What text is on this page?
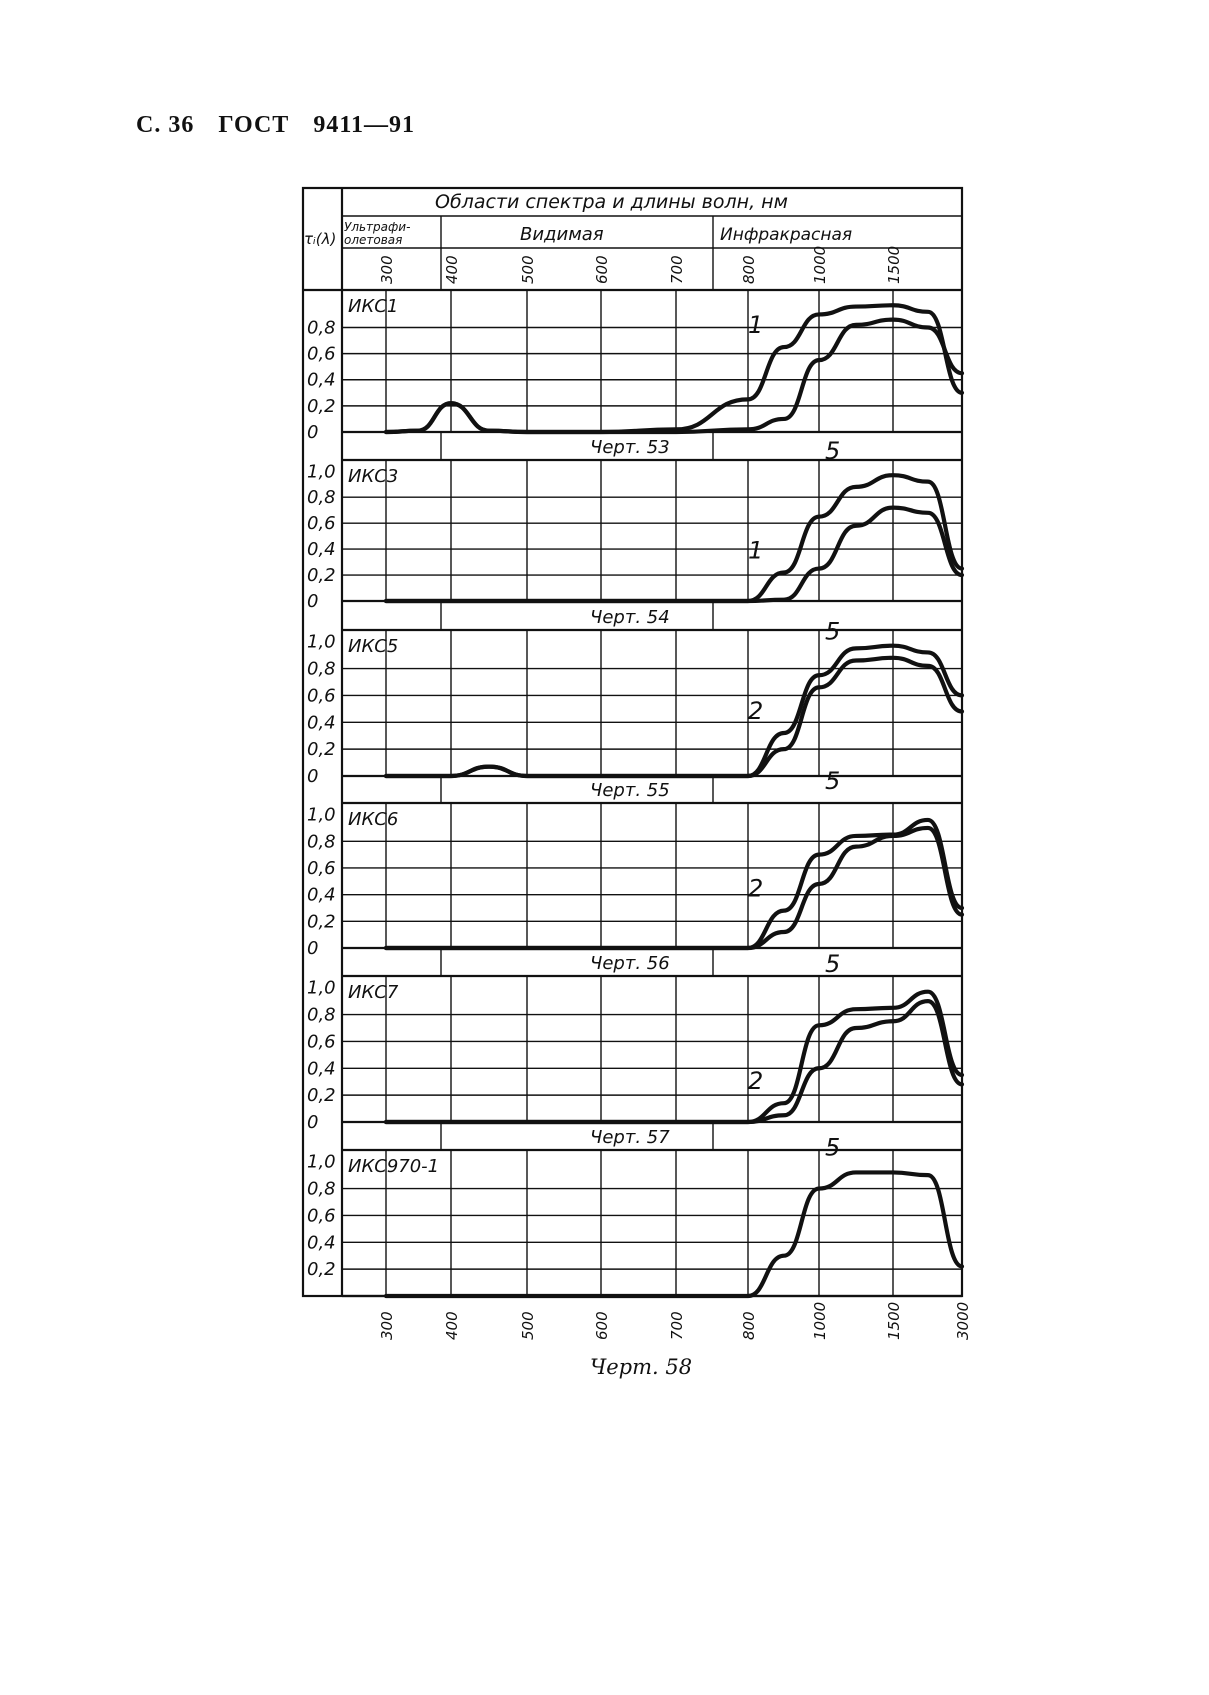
С. 36 ГОСТ 9411—91
300	400	500	600	700	800	1000	1500
0
0,2
0,4
0,6
0,8
Черт. 53
ИКС1
1
5
0
0,2
0,4
0,6
0,8
1,0
Черт. 54
ИКС3
1
5
0
0,2
0,4
0,6
0,8
1,0
Черт. 55
ИКС5
2
5
0
0,2
0,4
0,6
0,8
1,0
Черт. 56
ИКС6
2
5
0
0,2
0,4
0,6
0,8
1,0
Черт. 57
ИКС7
2
5
0,2
0,4
0,6
0,8
1,0 ИКС970-1
300	400	500	600	700	800	1000	1500	3000
Области спектра и длины волн, нм
τᵢ(λ)
Ультрафи-
олетовая	Видимая	Инфракрасная
Черт. 58
